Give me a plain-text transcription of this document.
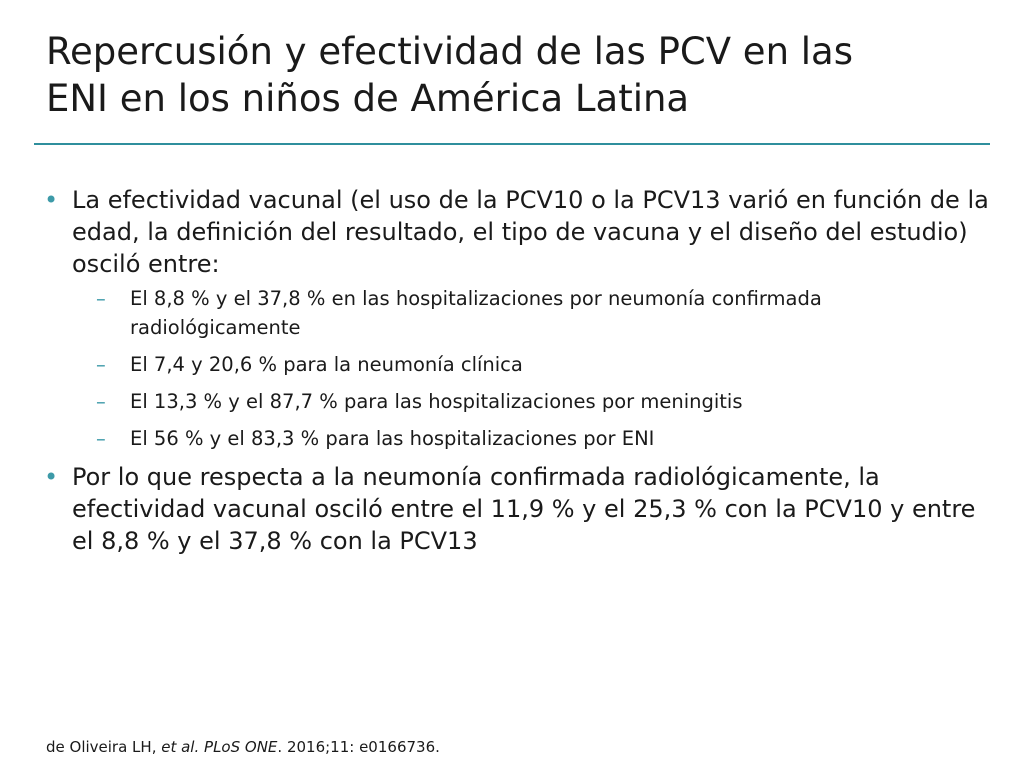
Repercusión y efectividad de las PCV en las
ENI en los niños de América Latina
• La efectividad vacunal (el uso de la PCV10 o la PCV13 varió en función de la edad, la definición del resultado, el tipo de vacuna y el diseño del estudio) osciló entre:
– El 8,8 % y el 37,8 % en las hospitalizaciones por neumonía confirmada radiológicamente
– El 7,4 y 20,6 % para la neumonía clínica
– El 13,3 % y el 87,7 % para las hospitalizaciones por meningitis
– El 56 % y el 83,3 % para las hospitalizaciones por ENI
• Por lo que respecta a la neumonía confirmada radiológicamente, la efectividad vacunal osciló entre el 11,9 % y el 25,3 % con la PCV10 y entre el 8,8 % y el 37,8 % con la PCV13
de Oliveira LH, et al. PLoS ONE. 2016;11: e0166736.
